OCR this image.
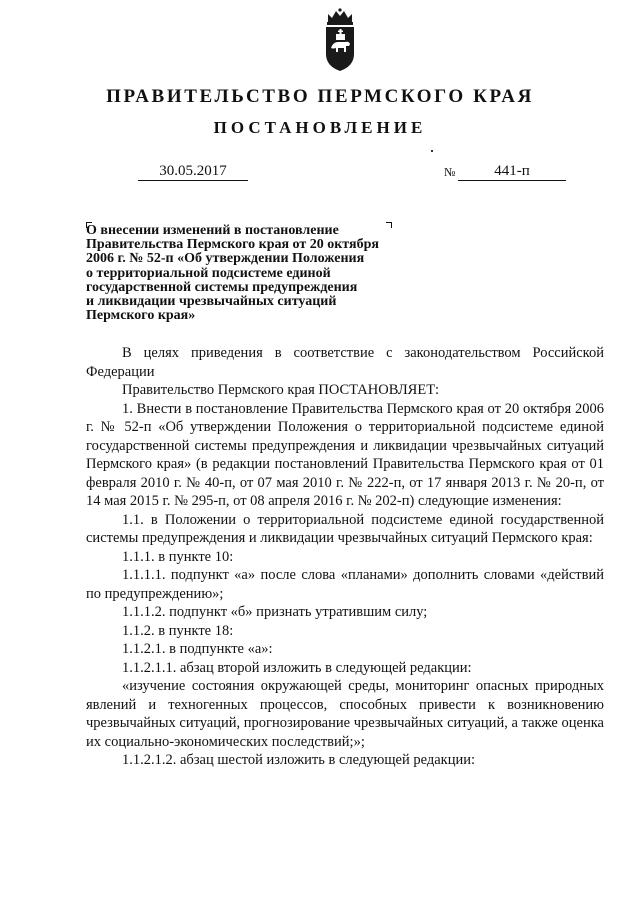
ПРАВИТЕЛЬСТВО ПЕРМСКОГО КРАЯ
ПОСТАНОВЛЕНИЕ
30.05.2017	№	441-п
О внесении изменений в постановление
Правительства Пермского края от 20 октября
2006 г. № 52-п «Об утверждении Положения
о территориальной подсистеме единой
государственной системы предупреждения
и ликвидации чрезвычайных ситуаций
Пермского края»

В целях приведения в соответствие с законодательством Российской Федерации

Правительство Пермского края ПОСТАНОВЛЯЕТ:

1. Внести в постановление Правительства Пермского края от 20 октября 2006 г. № 52-п «Об утверждении Положения о территориальной подсистеме единой государственной системы предупреждения и ликвидации чрезвычайных ситуаций Пермского края» (в редакции постановлений Правительства Пермского края от 01 февраля 2010 г. № 40-п, от 07 мая 2010 г. № 222-п, от 17 января 2013 г. № 20-п, от 14 мая 2015 г. № 295-п, от 08 апреля 2016 г. № 202-п) следующие изменения:

1.1. в Положении о территориальной подсистеме единой государственной системы предупреждения и ликвидации чрезвычайных ситуаций Пермского края:

1.1.1. в пункте 10:

1.1.1.1. подпункт «а» после слова «планами» дополнить словами «действий по предупреждению»;

1.1.1.2. подпункт «б» признать утратившим силу;

1.1.2. в пункте 18:

1.1.2.1. в подпункте «а»:

1.1.2.1.1. абзац второй изложить в следующей редакции:

«изучение состояния окружающей среды, мониторинг опасных природных явлений и техногенных процессов, способных привести к возникновению чрезвычайных ситуаций, прогнозирование чрезвычайных ситуаций, а также оценка их социально-экономических последствий;»;

1.1.2.1.2. абзац шестой изложить в следующей редакции:
